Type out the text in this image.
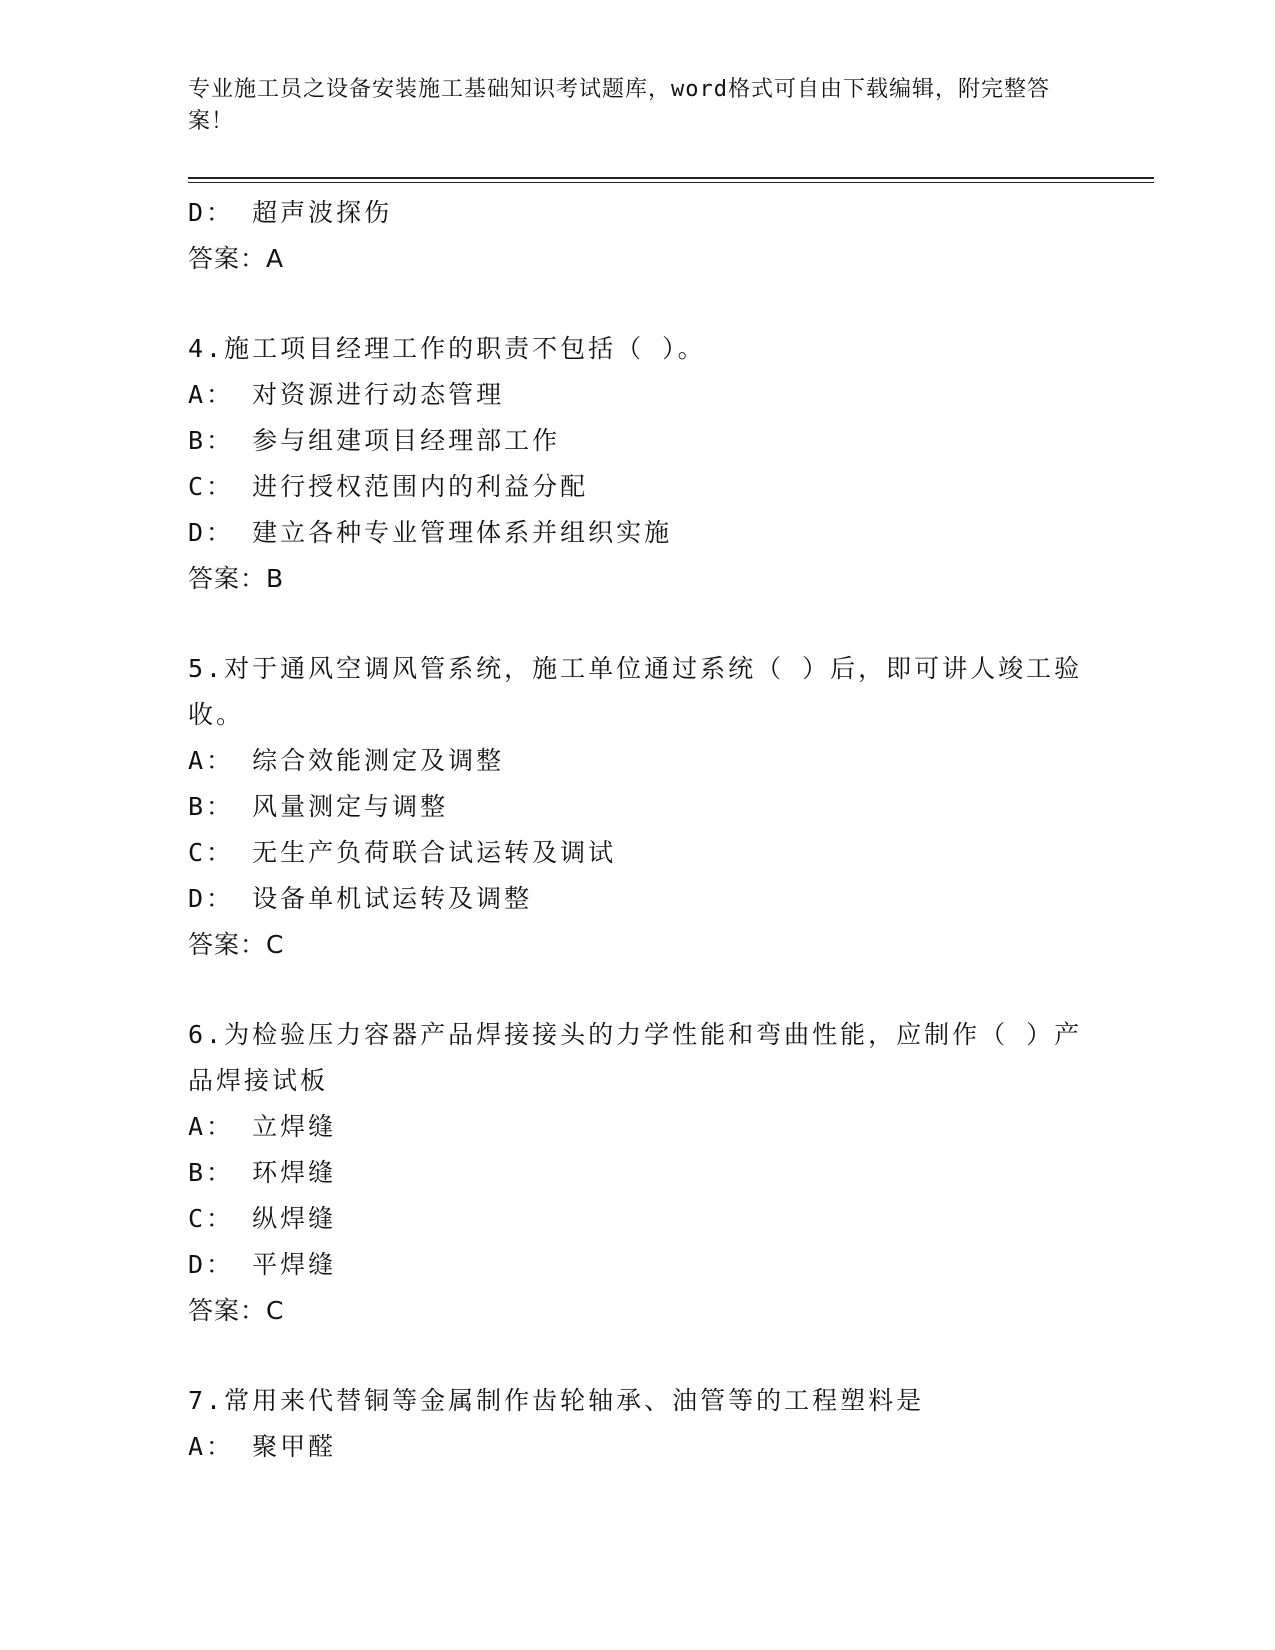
专业施工员之设备安装施工基础知识考试题库，word格式可自由下载编辑，附完整答案！

D： 超声波探伤

答案：A

4.施工项目经理工作的职责不包括（ ）。

A： 对资源进行动态管理

B： 参与组建项目经理部工作

C： 进行授权范围内的利益分配

D： 建立各种专业管理体系并组织实施

答案：B

5.对于通风空调风管系统，施工单位通过系统（ ）后，即可讲人竣工验收。

A： 综合效能测定及调整

B： 风量测定与调整

C： 无生产负荷联合试运转及调试

D： 设备单机试运转及调整

答案：C

6.为检验压力容器产品焊接接头的力学性能和弯曲性能，应制作（ ）产品焊接试板

A： 立焊缝

B： 环焊缝

C： 纵焊缝

D： 平焊缝

答案：C

7.常用来代替铜等金属制作齿轮轴承、油管等的工程塑料是

A： 聚甲醛
